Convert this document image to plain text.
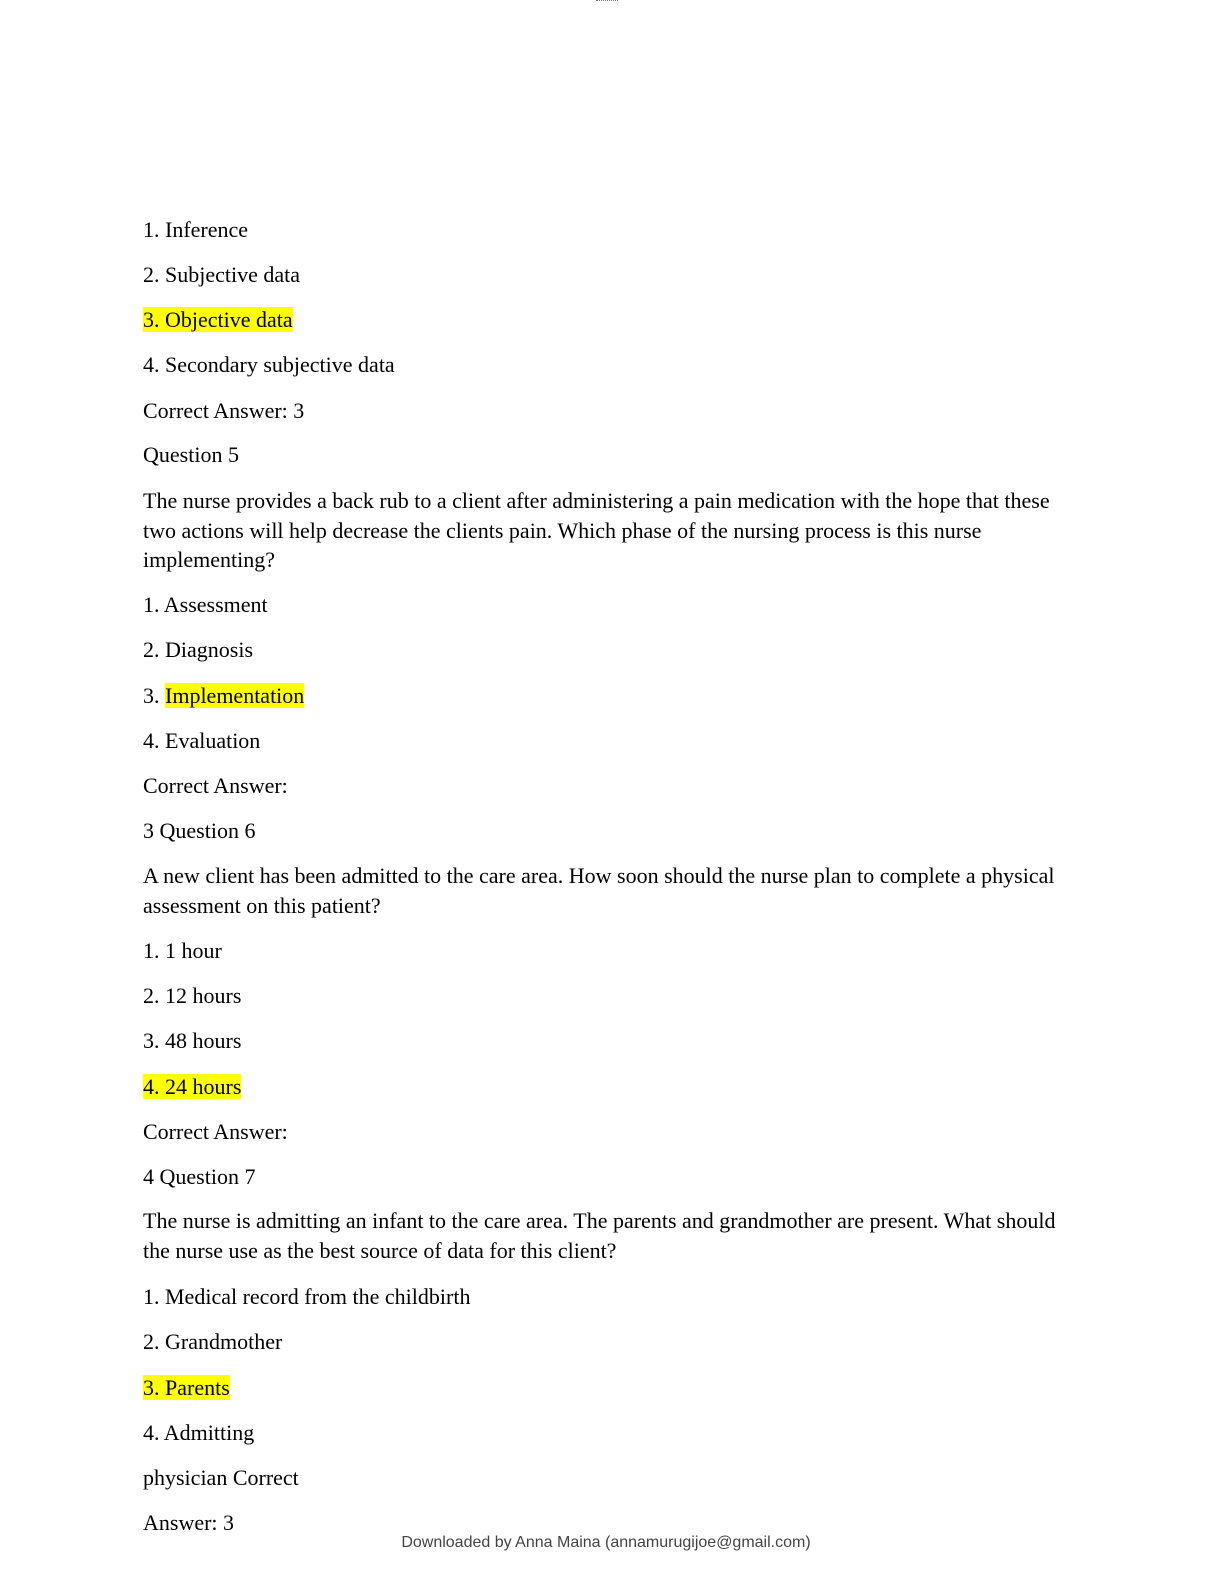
1. Inference
2. Subjective data
3. Objective data
4. Secondary subjective data
Correct Answer: 3
Question 5
The nurse provides a back rub to a client after administering a pain medication with the hope that these two actions will help decrease the clients pain. Which phase of the nursing process is this nurse implementing?
1. Assessment
2. Diagnosis
3. Implementation
4. Evaluation
Correct Answer:
3 Question 6
A new client has been admitted to the care area. How soon should the nurse plan to complete a physical assessment on this patient?
1. 1 hour
2. 12 hours
3. 48 hours
4. 24 hours
Correct Answer:
4 Question 7
The nurse is admitting an infant to the care area. The parents and grandmother are present. What should the nurse use as the best source of data for this client?
1. Medical record from the childbirth
2. Grandmother
3. Parents
4. Admitting
physician Correct
Answer: 3
Downloaded by Anna Maina (annamurugijoe@gmail.com)
